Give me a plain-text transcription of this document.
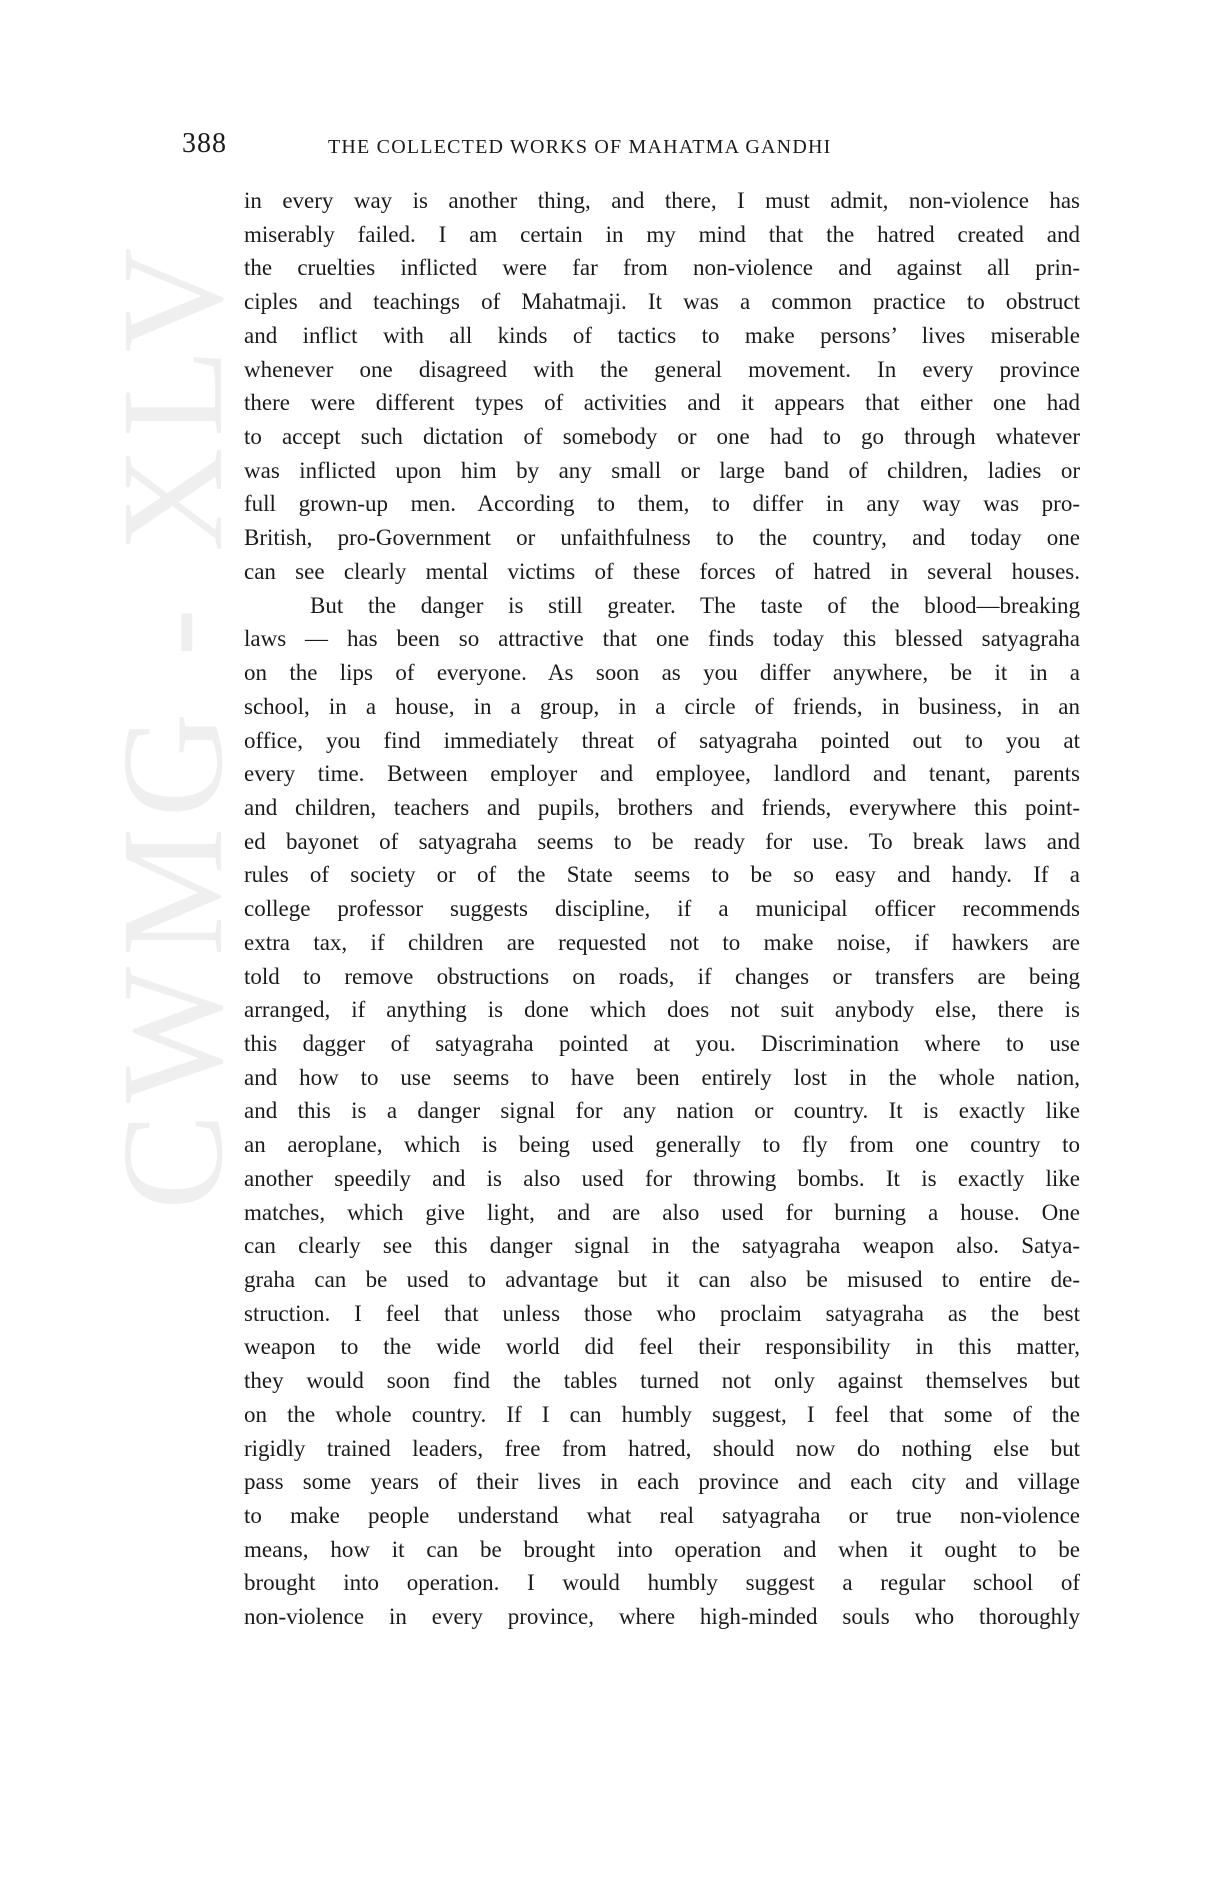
CWMG - XLV
388	THE COLLECTED WORKS OF MAHATMA GANDHI
in every way is another thing, and there, I must admit, non-violence has
miserably failed. I am certain in my mind that the hatred created and
the cruelties inflicted were far from non-violence and against all prin-
ciples and teachings of Mahatmaji. It was a common practice to obstruct
and inflict with all kinds of tactics to make persons’ lives miserable
whenever one disagreed with the general movement. In every province
there were different types of activities and it appears that either one had
to accept such dictation of somebody or one had to go through whatever
was inflicted upon him by any small or large band of children, ladies or
full grown-up men. According to them, to differ in any way was pro-
British, pro-Government or unfaithfulness to the country, and today one
can see clearly mental victims of these forces of hatred in several houses.
But the danger is still greater. The taste of the blood—breaking
laws — has been so attractive that one finds today this blessed satyagraha
on the lips of everyone. As soon as you differ anywhere, be it in a
school, in a house, in a group, in a circle of friends, in business, in an
office, you find immediately threat of satyagraha pointed out to you at
every time. Between employer and employee, landlord and tenant, parents
and children, teachers and pupils, brothers and friends, everywhere this point-
ed bayonet of satyagraha seems to be ready for use. To break laws and
rules of society or of the State seems to be so easy and handy. If a
college professor suggests discipline, if a municipal officer recommends
extra tax, if children are requested not to make noise, if hawkers are
told to remove obstructions on roads, if changes or transfers are being
arranged, if anything is done which does not suit anybody else, there is
this dagger of satyagraha pointed at you. Discrimination where to use
and how to use seems to have been entirely lost in the whole nation,
and this is a danger signal for any nation or country. It is exactly like
an aeroplane, which is being used generally to fly from one country to
another speedily and is also used for throwing bombs. It is exactly like
matches, which give light, and are also used for burning a house. One
can clearly see this danger signal in the satyagraha weapon also. Satya-
graha can be used to advantage but it can also be misused to entire de-
struction. I feel that unless those who proclaim satyagraha as the best
weapon to the wide world did feel their responsibility in this matter,
they would soon find the tables turned not only against themselves but
on the whole country. If I can humbly suggest, I feel that some of the
rigidly trained leaders, free from hatred, should now do nothing else but
pass some years of their lives in each province and each city and village
to make people understand what real satyagraha or true non-violence
means, how it can be brought into operation and when it ought to be
brought into operation. I would humbly suggest a regular school of
non-violence in every province, where high-minded souls who thoroughly
